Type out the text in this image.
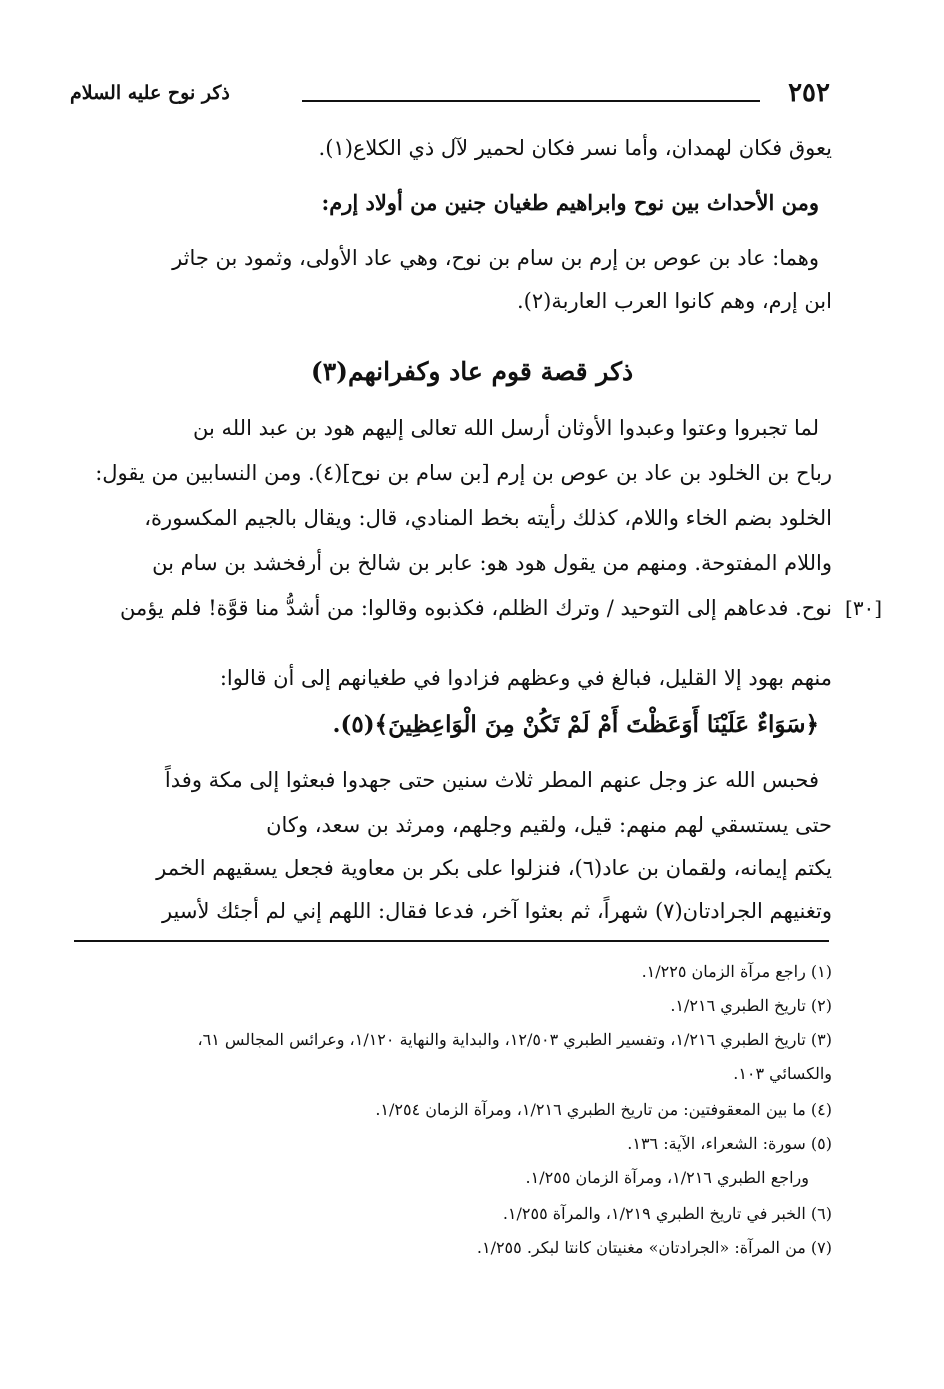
٢٥٢
ذكر نوح عليه السلام
يعوق فكان لهمدان، وأما نسر فكان لحمير لآل ذي الكلاع(١).
ومن الأحداث بين نوح وابراهيم طغيان جنين من أولاد إرم:
وهما: عاد بن عوص بن إرم بن سام بن نوح، وهي عاد الأولى، وثمود بن جاثر
ابن إرم، وهم كانوا العرب العاربة(٢).
ذكر قصة قوم عاد وكفرانهم(٣)
لما تجبروا وعتوا وعبدوا الأوثان أرسل الله تعالى إليهم هود بن عبد الله بن
رباح بن الخلود بن عاد بن عوص بن إرم [بن سام بن نوح](٤). ومن النسابين من يقول:
الخلود بضم الخاء واللام، كذلك رأيته بخط المنادي، قال: ويقال بالجيم المكسورة،
واللام المفتوحة. ومنهم من يقول هود هو: عابر بن شالخ بن أرفخشد بن سام بن
نوح. فدعاهم إلى التوحيد / وترك الظلم، فكذبوه وقالوا: من أشدُّ منا قوَّة! فلم يؤمن [٣٠]
منهم بهود إلا القليل، فبالغ في وعظهم فزادوا في طغيانهم إلى أن قالوا:
﴿سَوَاءٌ عَلَيْنَا أَوَعَظْتَ أَمْ لَمْ تَكُنْ مِنَ الْوَاعِظِينَ﴾(٥).
فحبس الله عز وجل عنهم المطر ثلاث سنين حتى جهدوا فبعثوا إلى مكة وفداً
حتى يستسقي لهم منهم: قيل، ولقيم وجلهم، ومرثد بن سعد، وكان
يكتم إيمانه، ولقمان بن عاد(٦)، فنزلوا على بكر بن معاوية فجعل يسقيهم الخمر
وتغنيهم الجرادتان(٧) شهراً، ثم بعثوا آخر، فدعا فقال: اللهم إني لم أجئك لأسير
(١) راجع مرآة الزمان ١/٢٢٥.
(٢) تاريخ الطبري ١/٢١٦.
(٣) تاريخ الطبري ١/٢١٦، وتفسير الطبري ١٢/٥٠٣، والبداية والنهاية ١/١٢٠، وعرائس المجالس ٦١،
والكسائي ١٠٣.
(٤) ما بين المعقوفتين: من تاريخ الطبري ١/٢١٦، ومرآة الزمان ١/٢٥٤.
(٥) سورة: الشعراء، الآية: ١٣٦.
وراجع الطبري ١/٢١٦، ومرآة الزمان ١/٢٥٥.
(٦) الخبر في تاريخ الطبري ١/٢١٩، والمرآة ١/٢٥٥.
(٧) من المرآة: «الجرادتان» مغنيتان كانتا لبكر. ١/٢٥٥.
